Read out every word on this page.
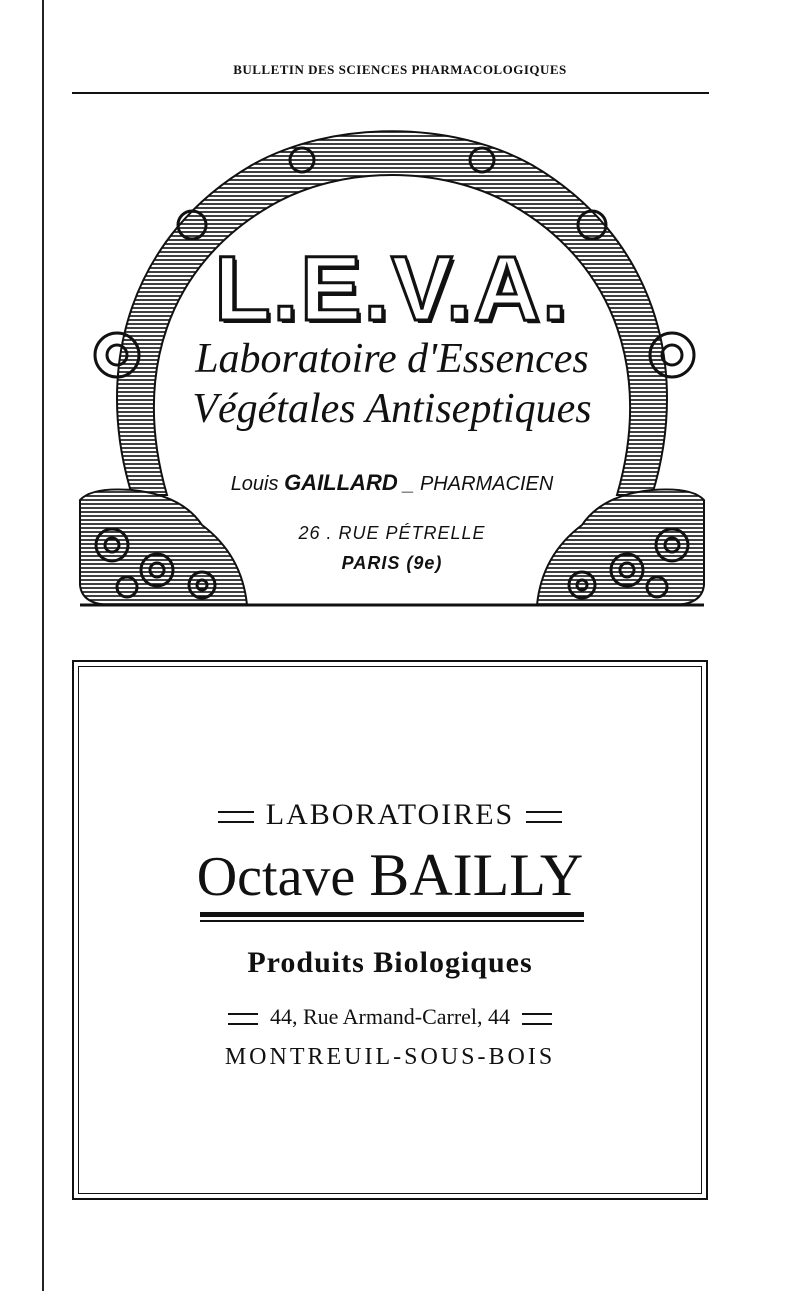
BULLETIN DES SCIENCES PHARMACOLOGIQUES
L.E.V.A.
Laboratoire d'Essences
Végétales Antiseptiques
Louis GAILLARD _ PHARMACIEN
26 . RUE PÉTRELLE
PARIS (9e)
LABORATOIRES
Octave BAILLY
Produits Biologiques
44, Rue Armand-Carrel, 44
MONTREUIL-SOUS-BOIS
